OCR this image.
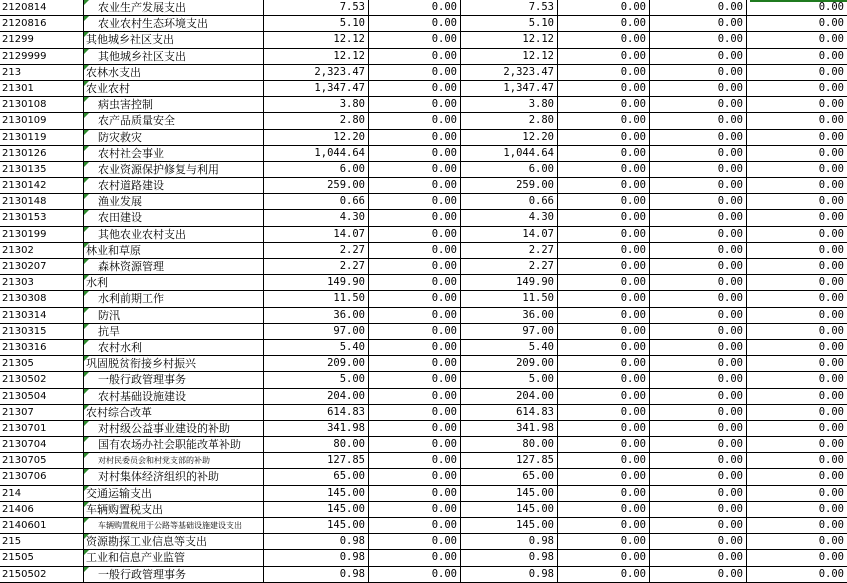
2120814	农业生产发展支出	7.53	0.00	7.53	0.00	0.00	0.00
2120816	农业农村生态环境支出	5.10	0.00	5.10	0.00	0.00	0.00
21299	其他城乡社区支出	12.12	0.00	12.12	0.00	0.00	0.00
2129999	其他城乡社区支出	12.12	0.00	12.12	0.00	0.00	0.00
213	农林水支出	2,323.47	0.00	2,323.47	0.00	0.00	0.00
21301	农业农村	1,347.47	0.00	1,347.47	0.00	0.00	0.00
2130108	病虫害控制	3.80	0.00	3.80	0.00	0.00	0.00
2130109	农产品质量安全	2.80	0.00	2.80	0.00	0.00	0.00
2130119	防灾救灾	12.20	0.00	12.20	0.00	0.00	0.00
2130126	农村社会事业	1,044.64	0.00	1,044.64	0.00	0.00	0.00
2130135	农业资源保护修复与利用	6.00	0.00	6.00	0.00	0.00	0.00
2130142	农村道路建设	259.00	0.00	259.00	0.00	0.00	0.00
2130148	渔业发展	0.66	0.00	0.66	0.00	0.00	0.00
2130153	农田建设	4.30	0.00	4.30	0.00	0.00	0.00
2130199	其他农业农村支出	14.07	0.00	14.07	0.00	0.00	0.00
21302	林业和草原	2.27	0.00	2.27	0.00	0.00	0.00
2130207	森林资源管理	2.27	0.00	2.27	0.00	0.00	0.00
21303	水利	149.90	0.00	149.90	0.00	0.00	0.00
2130308	水利前期工作	11.50	0.00	11.50	0.00	0.00	0.00
2130314	防汛	36.00	0.00	36.00	0.00	0.00	0.00
2130315	抗旱	97.00	0.00	97.00	0.00	0.00	0.00
2130316	农村水利	5.40	0.00	5.40	0.00	0.00	0.00
21305	巩固脱贫衔接乡村振兴	209.00	0.00	209.00	0.00	0.00	0.00
2130502	一般行政管理事务	5.00	0.00	5.00	0.00	0.00	0.00
2130504	农村基础设施建设	204.00	0.00	204.00	0.00	0.00	0.00
21307	农村综合改革	614.83	0.00	614.83	0.00	0.00	0.00
2130701	对村级公益事业建设的补助	341.98	0.00	341.98	0.00	0.00	0.00
2130704	国有农场办社会职能改革补助	80.00	0.00	80.00	0.00	0.00	0.00
2130705	对村民委员会和村党支部的补助	127.85	0.00	127.85	0.00	0.00	0.00
2130706	对村集体经济组织的补助	65.00	0.00	65.00	0.00	0.00	0.00
214	交通运输支出	145.00	0.00	145.00	0.00	0.00	0.00
21406	车辆购置税支出	145.00	0.00	145.00	0.00	0.00	0.00
2140601	车辆购置税用于公路等基础设施建设支出	145.00	0.00	145.00	0.00	0.00	0.00
215	资源勘探工业信息等支出	0.98	0.00	0.98	0.00	0.00	0.00
21505	工业和信息产业监管	0.98	0.00	0.98	0.00	0.00	0.00
2150502	一般行政管理事务	0.98	0.00	0.98	0.00	0.00	0.00
